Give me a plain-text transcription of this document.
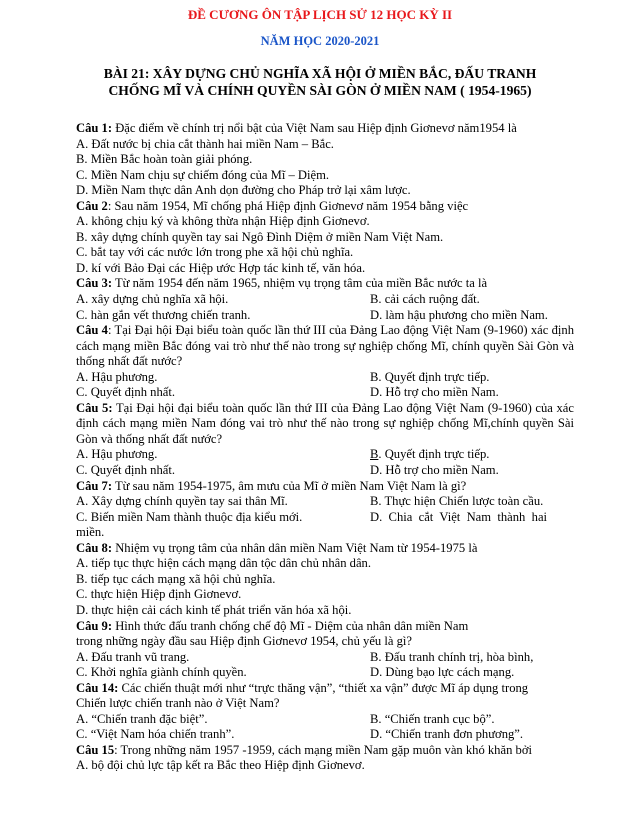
ĐỀ CƯƠNG ÔN TẬP LỊCH SỬ 12 HỌC KỲ II
NĂM HỌC 2020-2021
BÀI 21: XÂY DỰNG CHỦ NGHĨA XÃ HỘI Ở MIỀN BẮC, ĐẤU TRANH
CHỐNG MĨ VÀ CHÍNH QUYỀN SÀI GÒN Ở MIỀN NAM ( 1954-1965)
Câu 1: Đặc điểm về chính trị nổi bật của Việt Nam sau Hiệp định Giơnevơ năm1954 là
A. Đất nước bị chia cắt thành hai miền Nam – Bắc.
B. Miền Bắc hoàn toàn giải phóng.
C. Miền Nam chịu sự chiếm đóng của Mĩ – Diệm.
D. Miền Nam thực dân Anh dọn đường cho Pháp trở lại xâm lược.
Câu 2: Sau năm 1954, Mĩ chống phá Hiệp định Giơnevơ năm 1954 bằng việc
A. không chịu ký và không thừa nhận Hiệp định Giơnevơ.
B. xây dựng chính quyền tay sai Ngô Đình Diệm ở miền Nam Việt Nam.
C. bắt tay với các nước lớn trong phe xã hội chủ nghĩa.
D. kí với Bảo Đại các Hiệp ước Hợp tác kinh tế, văn hóa.
Câu 3: Từ năm 1954 đến năm 1965, nhiệm vụ trọng tâm của miền Bắc nước ta là
A. xây dựng chủ nghĩa xã hội.	B. cải cách ruộng đất.
C. hàn gắn vết thương chiến tranh.	D. làm hậu phương cho miền Nam.
Câu 4: Tại Đại hội Đại biểu toàn quốc lần thứ III của Đảng Lao động Việt Nam (9-1960) xác định cách mạng miền Bắc đóng vai trò như thế nào trong sự nghiệp chống Mĩ, chính quyền Sài Gòn và thống nhất đất nước?
A. Hậu phương.	B. Quyết định trực tiếp.
C. Quyết định nhất.	D. Hỗ trợ cho miền Nam.
Câu 5: Tại Đại hội đại biểu toàn quốc lần thứ III của Đảng Lao động Việt Nam (9-1960) của xác định cách mạng miền Nam đóng vai trò như thế nào trong sự nghiệp chống Mĩ,chính quyền Sài Gòn và thống nhất đất nước?
A. Hậu phương.	B. Quyết định trực tiếp.
C. Quyết định nhất.	D. Hỗ trợ cho miền Nam.
Câu 7: Từ sau năm 1954-1975, âm mưu của Mĩ ở miền Nam Việt Nam là gì?
A. Xây dựng chính quyền tay sai thân Mĩ.	B. Thực hiện Chiến lược toàn cầu.
C. Biến miền Nam thành thuộc địa kiểu mới.	D.  Chia  cắt  Việt  Nam  thành  hai
miền.
Câu 8: Nhiệm vụ trọng tâm của nhân dân miền Nam Việt Nam từ 1954-1975 là
A. tiếp tục thực hiện cách mạng dân tộc dân chủ nhân dân.
B. tiếp tục cách mạng xã hội chủ nghĩa.
C. thực hiện Hiệp định Giơnevơ.
D. thực hiện cải cách kinh tế phát triển văn hóa xã hội.
Câu 9: Hình thức đấu tranh chống chế độ Mĩ - Diệm của nhân dân miền Nam trong những ngày đầu sau Hiệp định Giơnevơ 1954, chủ yếu là gì?
A. Đấu tranh vũ trang.	B. Đấu tranh chính trị, hòa bình,
C. Khởi nghĩa giành chính quyền.	D. Dùng bạo lực cách mạng.
Câu 14: Các chiến thuật mới như “trực thăng vận”, “thiết xa vận” được Mĩ áp dụng trong Chiến lược chiến tranh nào ở Việt Nam?
A. “Chiến tranh đặc biệt”.	B. “Chiến tranh cục bộ”.
C. “Việt Nam hóa chiến tranh”.	D. “Chiến tranh đơn phương”.
Câu 15: Trong những năm 1957 -1959, cách mạng miền Nam gặp muôn vàn khó khăn bởi
A. bộ đội chủ lực tập kết ra Bắc theo Hiệp định Giơnevơ.
